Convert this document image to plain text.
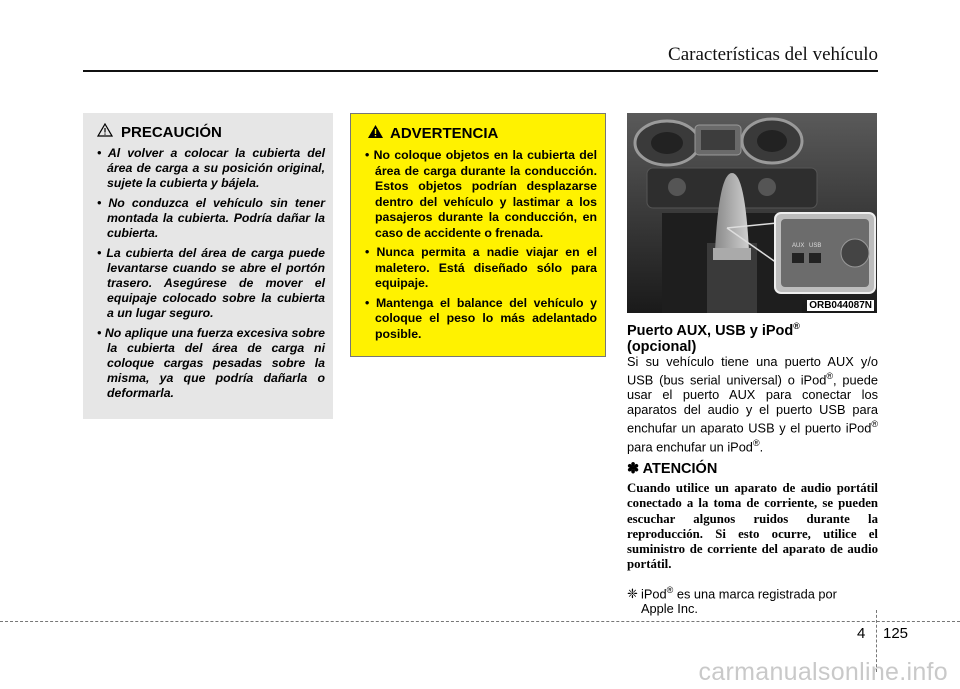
Características del vehículo
PRECAUCIÓN
• Al volver a colocar la cubierta del área de carga a su posición original, sujete la cubierta y bájela.
• No conduzca el vehículo sin tener montada la cubierta. Podría dañar la cubierta.
• La cubierta del área de carga puede levantarse cuando se abre el portón trasero. Asegúrese de mover el equipaje colocado sobre la cubierta a un lugar seguro.
• No aplique una fuerza excesiva sobre la cubierta del área de carga ni coloque cargas pesadas sobre la misma, ya que podría dañarla o deformarla.
ADVERTENCIA
• No coloque objetos en la cubierta del área de carga durante la conducción. Estos objetos podrían desplazarse dentro del vehículo y lastimar a los pasajeros durante la conducción, en caso de accidente o frenada.
• Nunca permita a nadie viajar en el maletero. Está diseñado sólo para equipaje.
• Mantenga el balance del vehículo y coloque el peso lo más adelantado posible.
AUX USB
ORB044087N
Puerto AUX, USB y iPod®
(opcional)
Si su vehículo tiene una puerto AUX y/o USB (bus serial universal) o iPod®, puede usar el puerto AUX para conectar los aparatos del audio y el puerto USB para enchufar un aparato USB y el puerto iPod® para enchufar un iPod®.
✽ ATENCIÓN
Cuando utilice un aparato de audio portátil conectado a la toma de corriente, se pueden escuchar algunos ruidos durante la reproducción. Si esto ocurre, utilice el suministro de corriente del aparato de audio portátil.
❈ iPod® es una marca registrada por
Apple Inc.
4 125
carmanualsonline.info
